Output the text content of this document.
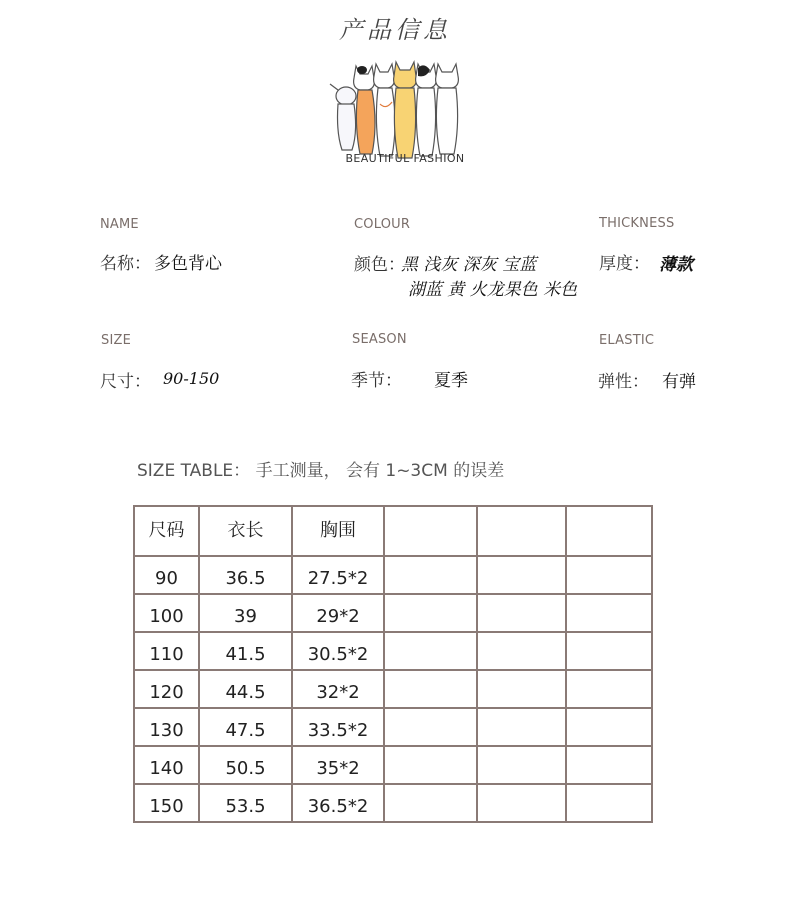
产品信息
BEAUTIFUL FASHION
NAME
名称： 多色背心
COLOUR
颜色：
黑 浅灰 深灰 宝蓝
湖蓝 黄 火龙果色 米色
THICKNESS
厚度： 薄款
SIZE
尺寸： 90-150
SEASON
季节： 夏季
ELASTIC
弹性： 有弹
SIZE TABLE： 手工测量， 会有 1~3CM 的误差
尺码	衣长	胸围			
90	36.5	27.5*2			
100	39	29*2			
110	41.5	30.5*2			
120	44.5	32*2			
130	47.5	33.5*2			
140	50.5	35*2			
150	53.5	36.5*2			
